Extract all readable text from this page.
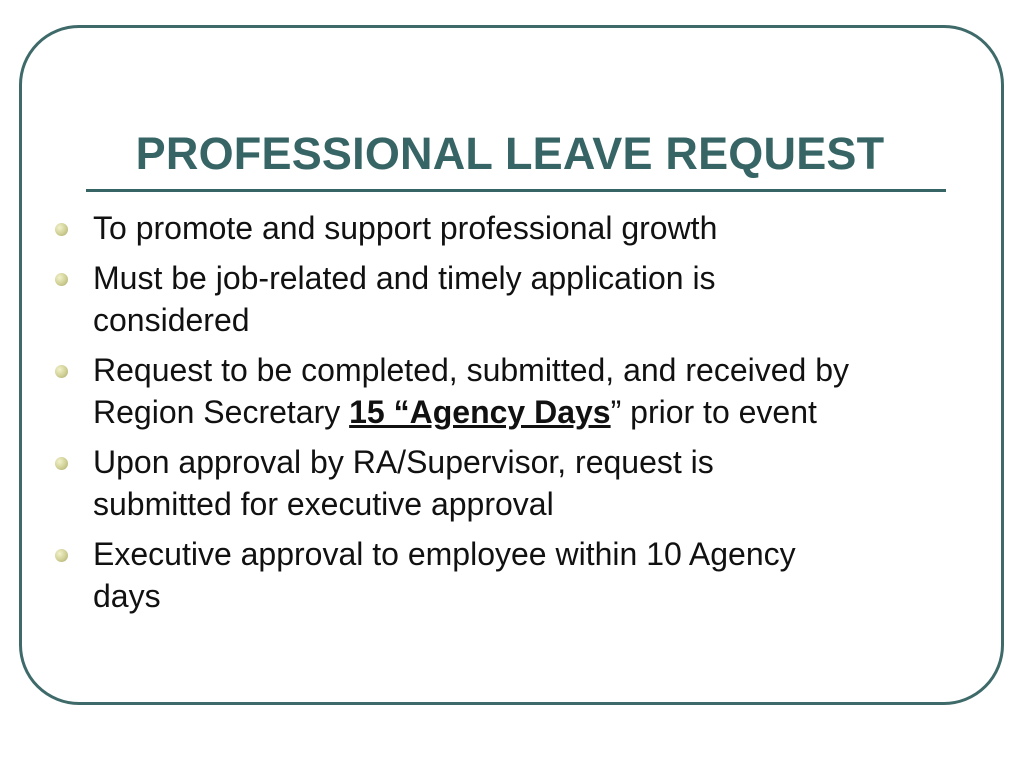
PROFESSIONAL LEAVE REQUEST
To promote and support professional growth
Must be job-related and timely application is considered
Request to be completed, submitted, and received by Region Secretary 15 “Agency Days” prior to event
Upon approval by RA/Supervisor, request is submitted for executive approval
Executive approval to employee within 10 Agency days
